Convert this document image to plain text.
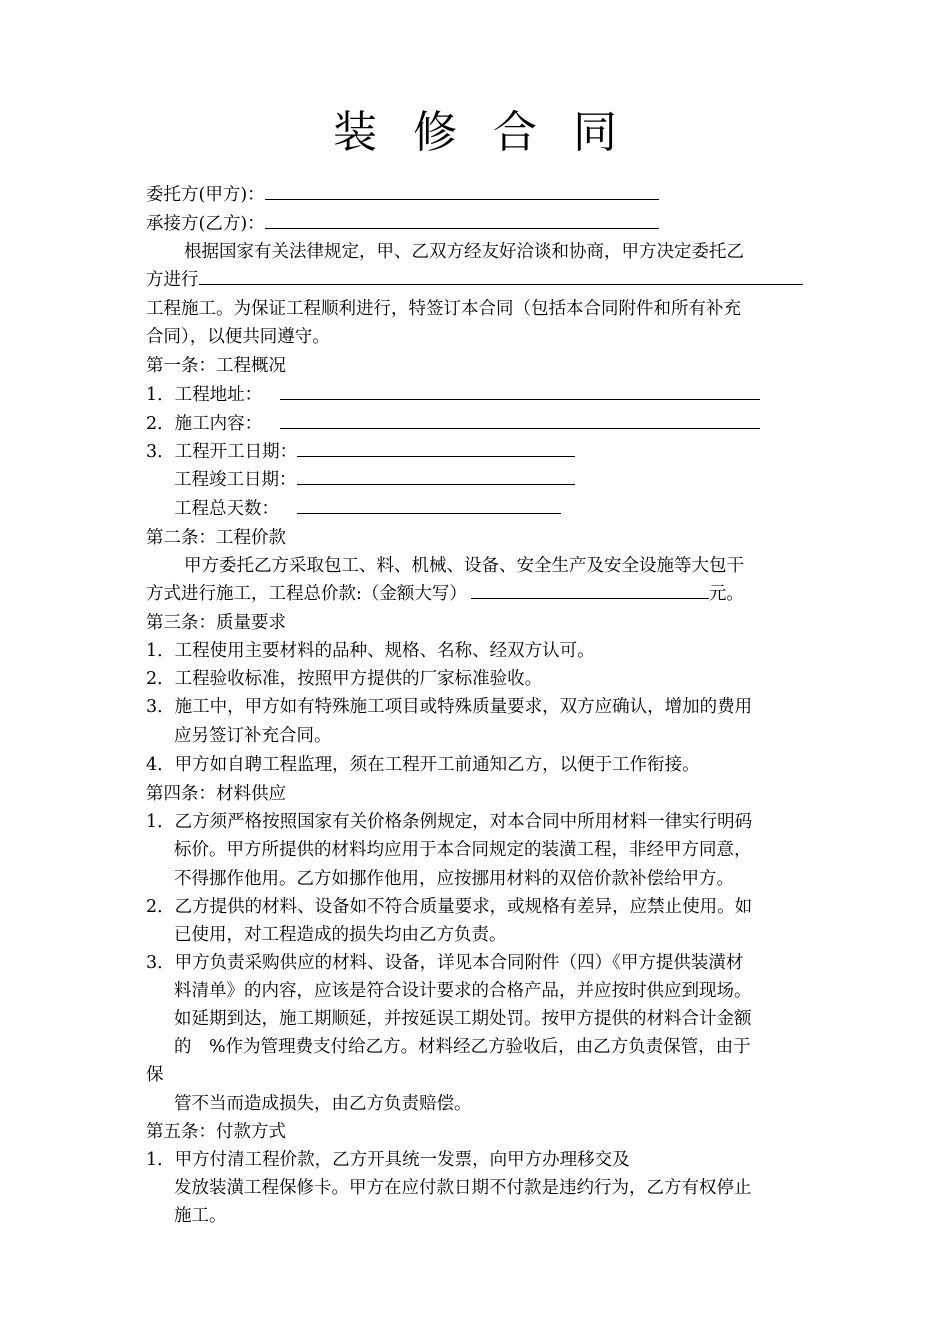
装 修 合 同
委托方(甲方)：
承接方(乙方)：
根据国家有关法律规定，甲、乙双方经友好洽谈和协商，甲方决定委托乙
方进行
工程施工。为保证工程顺利进行，特签订本合同（包括本合同附件和所有补充
合同），以便共同遵守。
第一条：工程概况
1．工程地址：
2．施工内容：
3．工程开工日期：
工程竣工日期：
工程总天数：
第二条：工程价款
甲方委托乙方采取包工、料、机械、设备、安全生产及安全设施等大包干
方式进行施工，工程总价款:（金额大写）	元。
第三条：质量要求
1．工程使用主要材料的品种、规格、名称、经双方认可。
2．工程验收标准，按照甲方提供的厂家标准验收。
3．施工中，甲方如有特殊施工项目或特殊质量要求，双方应确认，增加的费用
应另签订补充合同。
4．甲方如自聘工程监理，须在工程开工前通知乙方，以便于工作衔接。
第四条：材料供应
1．乙方须严格按照国家有关价格条例规定，对本合同中所用材料一律实行明码
标价。甲方所提供的材料均应用于本合同规定的装潢工程，非经甲方同意，
不得挪作他用。乙方如挪作他用，应按挪用材料的双倍价款补偿给甲方。
2．乙方提供的材料、设备如不符合质量要求，或规格有差异，应禁止使用。如
已使用，对工程造成的损失均由乙方负责。
3．甲方负责采购供应的材料、设备，详见本合同附件（四）《甲方提供装潢材
料清单》的内容，应该是符合设计要求的合格产品，并应按时供应到现场。
如延期到达，施工期顺延，并按延误工期处罚。按甲方提供的材料合计金额
的　%作为管理费支付给乙方。材料经乙方验收后，由乙方负责保管，由于
保
管不当而造成损失，由乙方负责赔偿。
第五条：付款方式
1．甲方付清工程价款，乙方开具统一发票，向甲方办理移交及
发放装潢工程保修卡。甲方在应付款日期不付款是违约行为，乙方有权停止
施工。
